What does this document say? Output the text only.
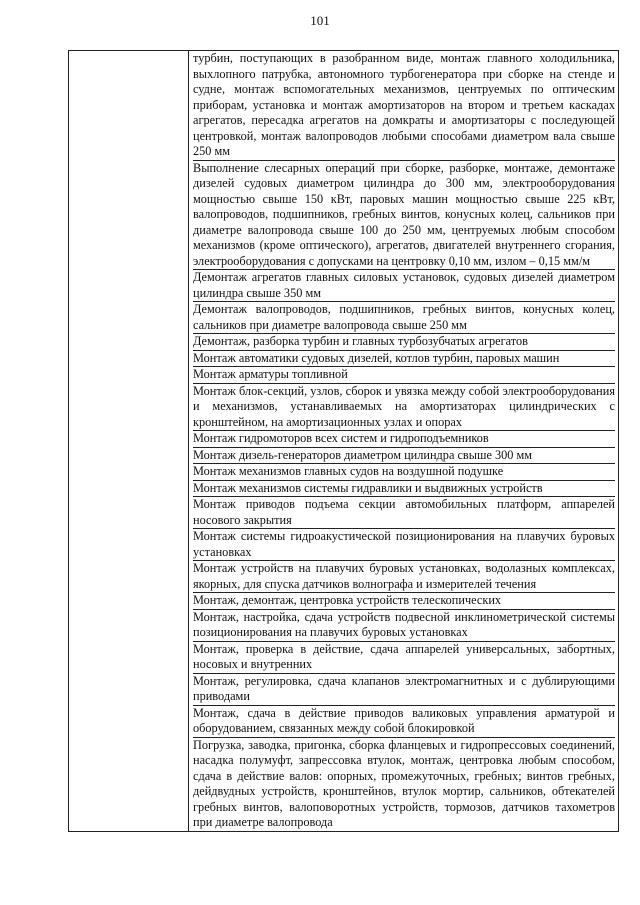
101

турбин, поступающих в разобранном виде, монтаж главного холодильника, выхлопного патрубка, автономного турбогенератора при сборке на стенде и судне, монтаж вспомогательных механизмов, центруемых по оптическим приборам, установка и монтаж амортизаторов на втором и третьем каскадах агрегатов, пересадка агрегатов на домкраты и амортизаторы с последующей центровкой, монтаж валопроводов любыми способами диаметром вала свыше 250 мм

Выполнение слесарных операций при сборке, разборке, монтаже, демонтаже дизелей судовых диаметром цилиндра до 300 мм, электрооборудования мощностью свыше 150 кВт, паровых машин мощностью свыше 225 кВт, валопроводов, подшипников, гребных винтов, конусных колец, сальников при диаметре валопровода свыше 100 до 250 мм, центруемых любым способом механизмов (кроме оптического), агрегатов, двигателей внутреннего сгорания, электрооборудования с допусками на центровку 0,10 мм, излом – 0,15 мм/м

Демонтаж агрегатов главных силовых установок, судовых дизелей диаметром цилиндра свыше 350 мм

Демонтаж валопроводов, подшипников, гребных винтов, конусных колец, сальников при диаметре валопровода свыше 250 мм

Демонтаж, разборка турбин и главных турбозубчатых агрегатов

Монтаж автоматики судовых дизелей, котлов турбин, паровых машин

Монтаж арматуры топливной

Монтаж блок-секций, узлов, сборок и увязка между собой электрооборудования и механизмов, устанавливаемых на амортизаторах цилиндрических с кронштейном, на амортизационных узлах и опорах

Монтаж гидромоторов всех систем и гидроподъемников

Монтаж дизель-генераторов диаметром цилиндра свыше 300 мм

Монтаж механизмов главных судов на воздушной подушке

Монтаж механизмов системы гидравлики и выдвижных устройств

Монтаж приводов подъема секции автомобильных платформ, аппарелей носового закрытия

Монтаж системы гидроакустической позиционирования на плавучих буровых установках

Монтаж устройств на плавучих буровых установках, водолазных комплексах, якорных, для спуска датчиков волнографа и измерителей течения

Монтаж, демонтаж, центровка устройств телескопических

Монтаж, настройка, сдача устройств подвесной инклинометрической системы позиционирования на плавучих буровых установках

Монтаж, проверка в действие, сдача аппарелей универсальных, забортных, носовых и внутренних

Монтаж, регулировка, сдача клапанов электромагнитных и с дублирующими приводами

Монтаж, сдача в действие приводов валиковых управления арматурой и оборудованием, связанных между собой блокировкой

Погрузка, заводка, пригонка, сборка фланцевых и гидропрессовых соединений, насадка полумуфт, запрессовка втулок, монтаж, центровка любым способом, сдача в действие валов: опорных, промежуточных, гребных; винтов гребных, дейдвудных устройств, кронштейнов, втулок мортир, сальников, обтекателей гребных винтов, валоповоротных устройств, тормозов, датчиков тахометров при диаметре валопровода
